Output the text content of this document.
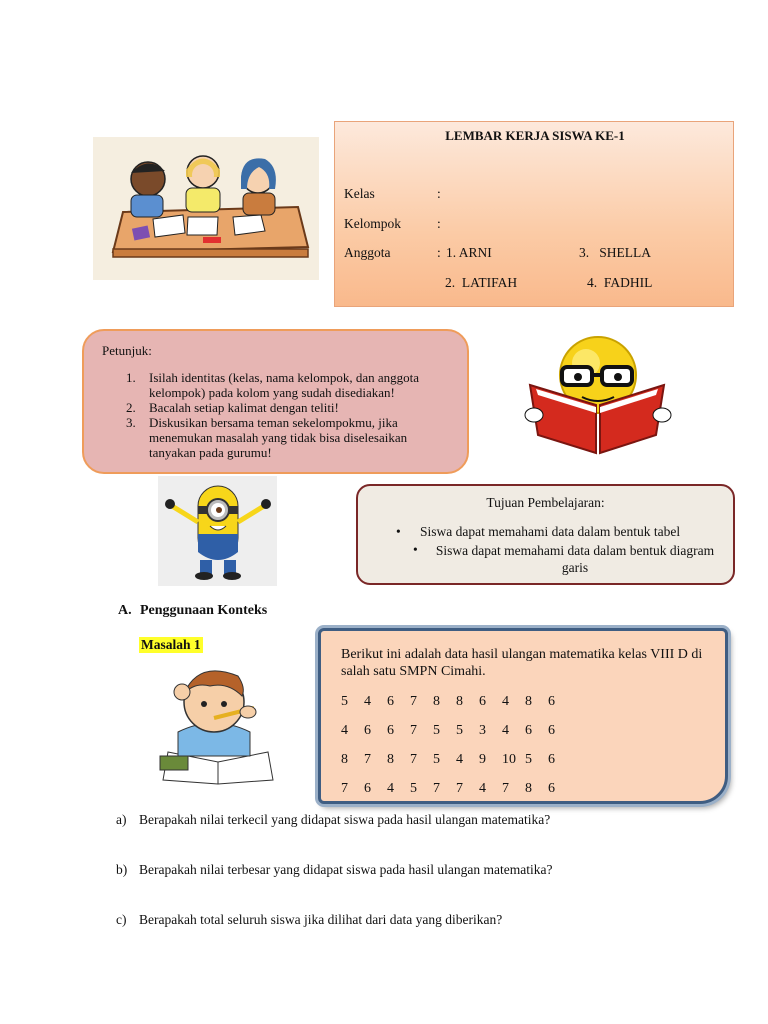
LEMBAR KERJA SISWA KE-1
Kelas	:
Kelompok	:
Anggota	: 1. ARNI	3. SHELLA
2. LATIFAH	4. FADHIL
Petunjuk:
1. Isilah identitas (kelas, nama kelompok, dan anggota kelompok) pada kolom yang sudah disediakan!
2. Bacalah setiap kalimat dengan teliti!
3. Diskusikan bersama teman sekelompokmu, jika menemukan masalah yang tidak bisa diselesaikan tanyakan pada gurumu!
Tujuan Pembelajaran:
• Siswa dapat memahami data dalam bentuk tabel
•	Siswa dapat memahami data dalam bentuk diagram garis
A. Penggunaan Konteks
Masalah 1
Berikut ini adalah data hasil ulangan matematika kelas VIII D di salah satu SMPN Cimahi.
5 4 6 7 8 8 6 4 8 6
4 6 6 7 5 5 3 4 6 6
8 7 8 7 5 4 9 10 5 6
7 6 4 5 7 7 4 7 8 6
a) Berapakah nilai terkecil yang didapat siswa pada hasil ulangan matematika?
b) Berapakah nilai terbesar yang didapat siswa pada hasil ulangan matematika?
c) Berapakah total seluruh siswa jika dilihat dari data yang diberikan?
